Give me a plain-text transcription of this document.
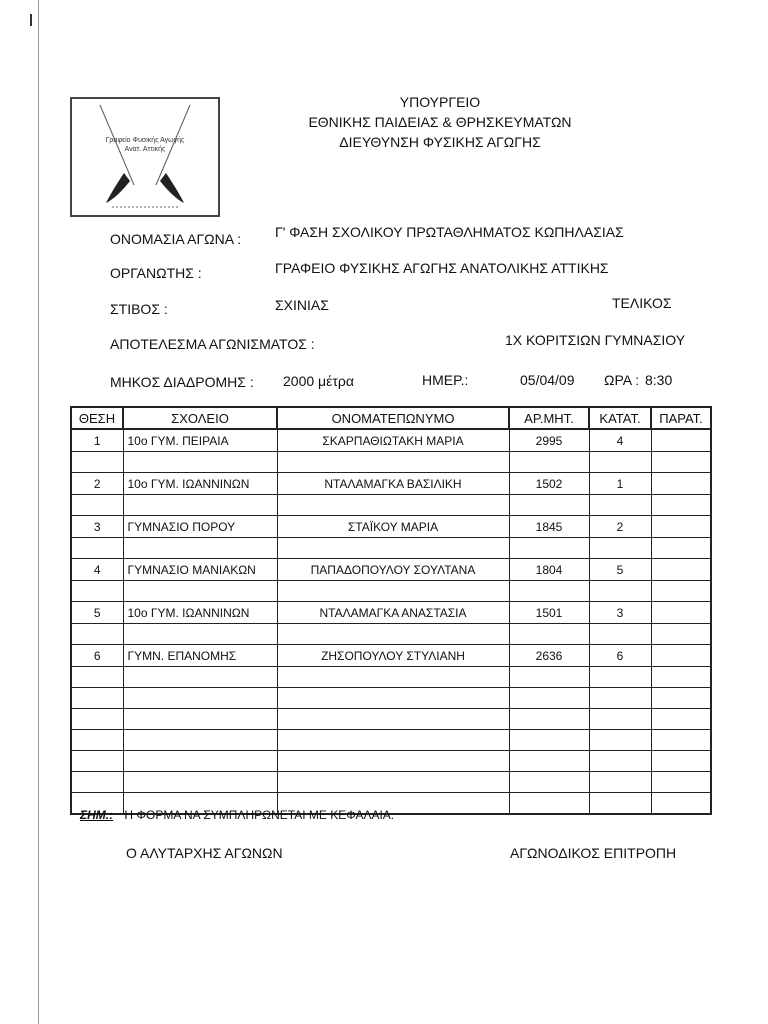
Γραφείο Φυσικής Αγωγής
Ανατ. Αττικής
ΥΠΟΥΡΓΕΙΟ
ΕΘΝΙΚΗΣ ΠΑΙΔΕΙΑΣ & ΘΡΗΣΚΕΥΜΑΤΩΝ
ΔΙΕΥΘΥΝΣΗ ΦΥΣΙΚΗΣ ΑΓΩΓΗΣ
ΟΝΟΜΑΣΙΑ ΑΓΩΝΑ : Γ' ΦΑΣΗ ΣΧΟΛΙΚΟΥ ΠΡΩΤΑΘΛΗΜΑΤΟΣ ΚΩΠΗΛΑΣΙΑΣ
ΟΡΓΑΝΩΤΗΣ :	ΓΡΑΦΕΙΟ ΦΥΣΙΚΗΣ ΑΓΩΓΗΣ ΑΝΑΤΟΛΙΚΗΣ ΑΤΤΙΚΗΣ
ΣΤΙΒΟΣ :	ΣΧΙΝΙΑΣ	ΤΕΛΙΚΟΣ
ΑΠΟΤΕΛΕΣΜΑ ΑΓΩΝΙΣΜΑΤΟΣ :	1Χ ΚΟΡΙΤΣΙΩΝ ΓΥΜΝΑΣΙΟΥ
ΜΗΚΟΣ ΔΙΑΔΡΟΜΗΣ : 2000 μέτρα	ΗΜΕΡ.:	05/04/09 ΩΡΑ : 8:30
ΘΕΣΗ	ΣΧΟΛΕΙΟ	ΟΝΟΜΑΤΕΠΩΝΥΜΟ	ΑΡ.ΜΗΤ.	ΚΑΤΑΤ.	ΠΑΡΑΤ.
1	10ο ΓΥΜ. ΠΕΙΡΑΙΑ	ΣΚΑΡΠΑΘΙΩΤΑΚΗ ΜΑΡΙΑ	2995	4	

2	10ο ΓΥΜ. ΙΩΑΝΝΙΝΩΝ	ΝΤΑΛΑΜΑΓΚΑ ΒΑΣΙΛΙΚΗ	1502	1	

3	ΓΥΜΝΑΣΙΟ ΠΟΡΟΥ	ΣΤΑΪΚΟΥ ΜΑΡΙΑ	1845	2	

4	ΓΥΜΝΑΣΙΟ ΜΑΝΙΑΚΩΝ	ΠΑΠΑΔΟΠΟΥΛΟΥ ΣΟΥΛΤΑΝΑ	1804	5	

5	10ο ΓΥΜ. ΙΩΑΝΝΙΝΩΝ	ΝΤΑΛΑΜΑΓΚΑ ΑΝΑΣΤΑΣΙΑ	1501	3	

6	ΓΥΜΝ. ΕΠΑΝΟΜΗΣ	ΖΗΣΟΠΟΥΛΟΥ ΣΤΥΛΙΑΝΗ	2636	6	

ΣΗΜ.: Η ΦΟΡΜΑ ΝΑ ΣΥΜΠΛΗΡΩΝΕΤΑΙ ΜΕ ΚΕΦΑΛΑΙΑ.
Ο ΑΛΥΤΑΡΧΗΣ ΑΓΩΝΩΝ	ΑΓΩΝΟΔΙΚΟΣ ΕΠΙΤΡΟΠΗ
